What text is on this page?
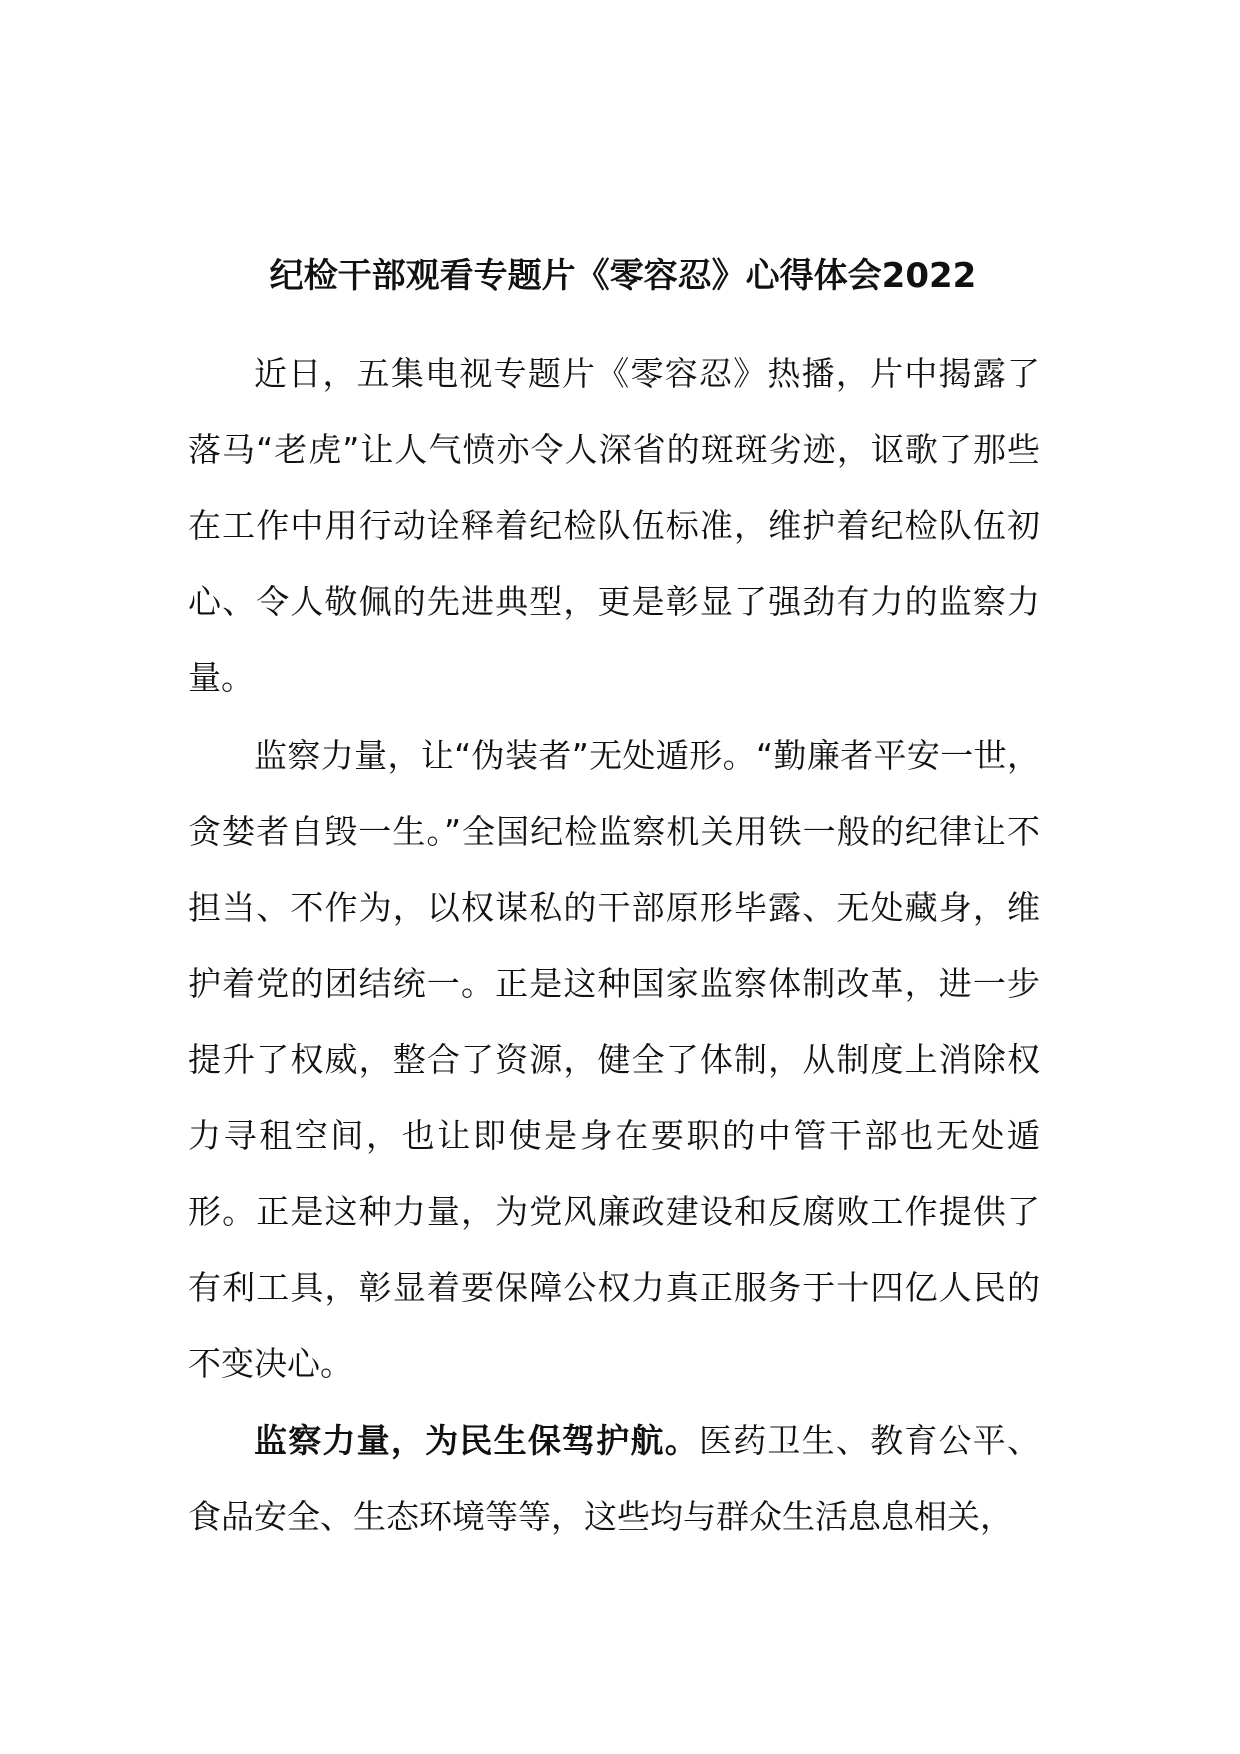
纪检干部观看专题片《零容忍》心得体会2022

近日，五集电视专题片《零容忍》热播，片中揭露了落马“老虎”让人气愤亦令人深省的斑斑劣迹，讴歌了那些在工作中用行动诠释着纪检队伍标准，维护着纪检队伍初心、令人敬佩的先进典型，更是彰显了强劲有力的监察力量。

监察力量，让“伪装者”无处遁形。“勤廉者平安一世，贪婪者自毁一生。”全国纪检监察机关用铁一般的纪律让不担当、不作为，以权谋私的干部原形毕露、无处藏身，维护着党的团结统一。正是这种国家监察体制改革，进一步提升了权威，整合了资源，健全了体制，从制度上消除权力寻租空间，也让即使是身在要职的中管干部也无处遁形。正是这种力量，为党风廉政建设和反腐败工作提供了有利工具，彰显着要保障公权力真正服务于十四亿人民的不变决心。

监察力量，为民生保驾护航。医药卫生、教育公平、食品安全、生态环境等等，这些均与群众生活息息相关，
